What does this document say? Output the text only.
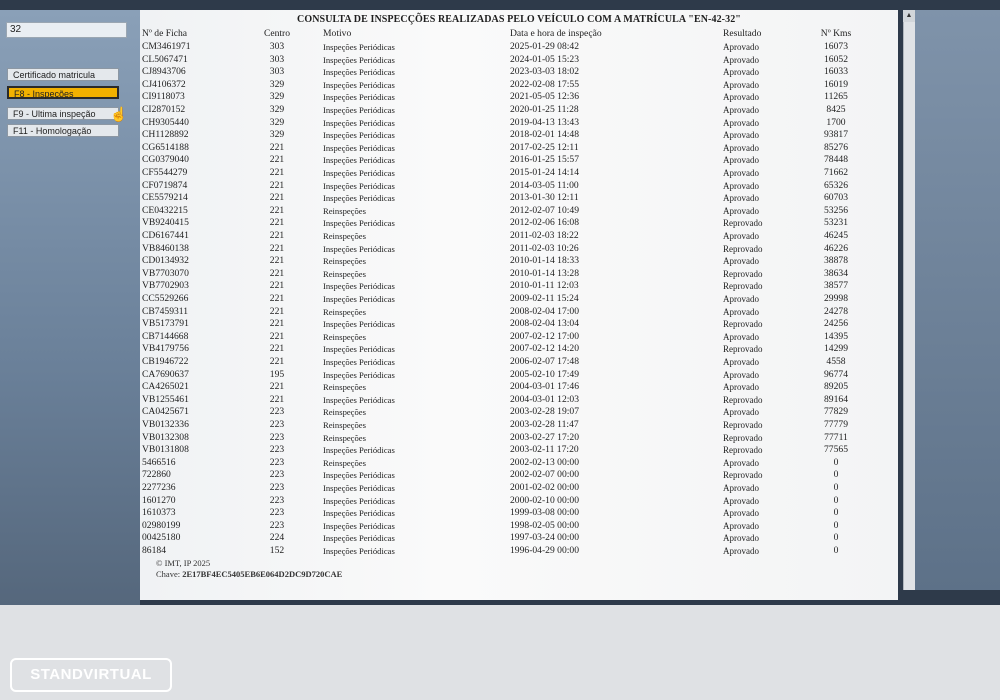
32
Certificado matricula
F8 - Inspeções
F9 - Ultima inspeção
F11 - Homologação
☝
CONSULTA DE INSPECÇÕES REALIZADAS PELO VEÍCULO COM A MATRÍCULA "EN-42-32"
Nº de Ficha	Centro	Motivo	Data e hora de inspeção	Resultado	Nº Kms
CM3461971	303	Inspeções Periódicas	2025-01-29 08:42	Aprovado	16073
CL5067471	303	Inspeções Periódicas	2024-01-05 15:23	Aprovado	16052
CJ8943706	303	Inspeções Periódicas	2023-03-03 18:02	Aprovado	16033
CJ4106372	329	Inspeções Periódicas	2022-02-08 17:55	Aprovado	16019
CI9118073	329	Inspeções Periódicas	2021-05-05 12:36	Aprovado	11265
CI2870152	329	Inspeções Periódicas	2020-01-25 11:28	Aprovado	8425
CH9305440	329	Inspeções Periódicas	2019-04-13 13:43	Aprovado	1700
CH1128892	329	Inspeções Periódicas	2018-02-01 14:48	Aprovado	93817
CG6514188	221	Inspeções Periódicas	2017-02-25 12:11	Aprovado	85276
CG0379040	221	Inspeções Periódicas	2016-01-25 15:57	Aprovado	78448
CF5544279	221	Inspeções Periódicas	2015-01-24 14:14	Aprovado	71662
CF0719874	221	Inspeções Periódicas	2014-03-05 11:00	Aprovado	65326
CE5579214	221	Inspeções Periódicas	2013-01-30 12:11	Aprovado	60703
CE0432215	221	Reinspeções	2012-02-07 10:49	Aprovado	53256
VB9240415	221	Inspeções Periódicas	2012-02-06 16:08	Reprovado	53231
CD6167441	221	Reinspeções	2011-02-03 18:22	Aprovado	46245
VB8460138	221	Inspeções Periódicas	2011-02-03 10:26	Reprovado	46226
CD0134932	221	Reinspeções	2010-01-14 18:33	Aprovado	38878
VB7703070	221	Reinspeções	2010-01-14 13:28	Reprovado	38634
VB7702903	221	Inspeções Periódicas	2010-01-11 12:03	Reprovado	38577
CC5529266	221	Inspeções Periódicas	2009-02-11 15:24	Aprovado	29998
CB7459311	221	Reinspeções	2008-02-04 17:00	Aprovado	24278
VB5173791	221	Inspeções Periódicas	2008-02-04 13:04	Reprovado	24256
CB7144668	221	Reinspeções	2007-02-12 17:00	Aprovado	14395
VB4179756	221	Inspeções Periódicas	2007-02-12 14:20	Reprovado	14299
CB1946722	221	Inspeções Periódicas	2006-02-07 17:48	Aprovado	4558
CA7690637	195	Inspeções Periódicas	2005-02-10 17:49	Aprovado	96774
CA4265021	221	Reinspeções	2004-03-01 17:46	Aprovado	89205
VB1255461	221	Inspeções Periódicas	2004-03-01 12:03	Reprovado	89164
CA0425671	223	Reinspeções	2003-02-28 19:07	Aprovado	77829
VB0132336	223	Reinspeções	2003-02-28 11:47	Reprovado	77779
VB0132308	223	Reinspeções	2003-02-27 17:20	Reprovado	77711
VB0131808	223	Inspeções Periódicas	2003-02-11 17:20	Reprovado	77565
5466516	223	Reinspeções	2002-02-13 00:00	Aprovado	0
722860	223	Inspeções Periódicas	2002-02-07 00:00	Reprovado	0
2277236	223	Inspeções Periódicas	2001-02-02 00:00	Aprovado	0
1601270	223	Inspeções Periódicas	2000-02-10 00:00	Aprovado	0
1610373	223	Inspeções Periódicas	1999-03-08 00:00	Aprovado	0
02980199	223	Inspeções Periódicas	1998-02-05 00:00	Aprovado	0
00425180	224	Inspeções Periódicas	1997-03-24 00:00	Aprovado	0
86184	152	Inspeções Periódicas	1996-04-29 00:00	Aprovado	0
© IMT, IP 2025
Chave: 2E17BF4EC5405EB6E064D2DC9D720CAE
▲
STANDVIRTUAL
